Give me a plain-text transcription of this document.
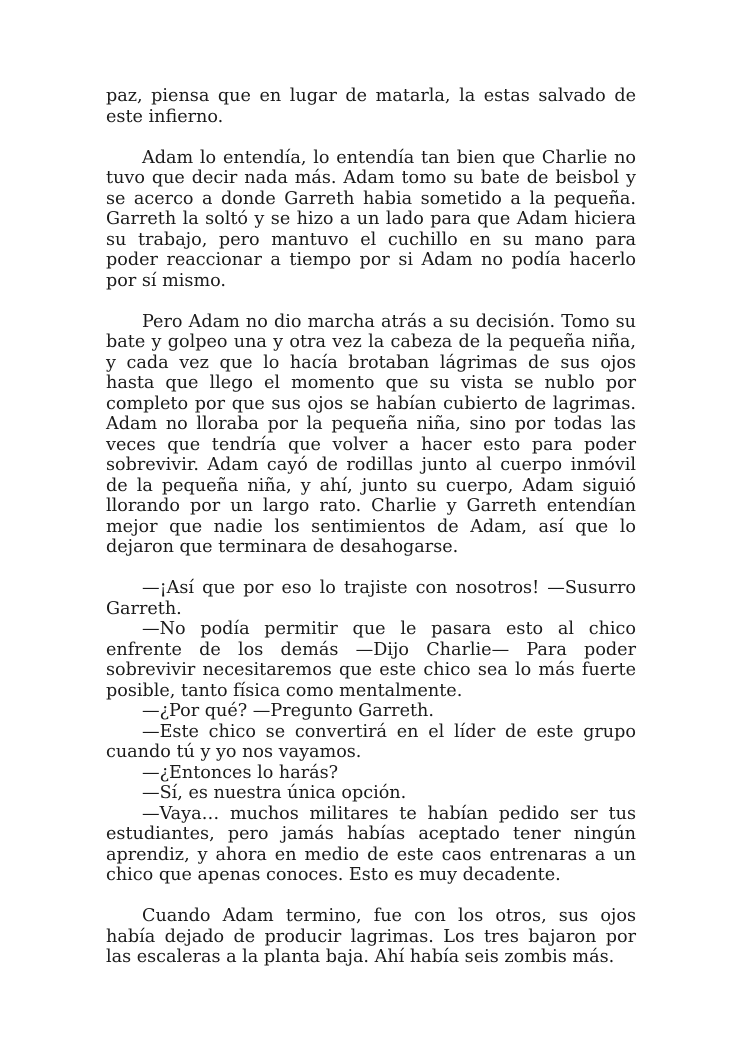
paz, piensa que en lugar de matarla, la estas salvado de este infierno.

Adam lo entendía, lo entendía tan bien que Charlie no tuvo que decir nada más. Adam tomo su bate de beisbol y se acerco a donde Garreth habia sometido a la pequeña. Garreth la soltó y se hizo a un lado para que Adam hiciera su trabajo, pero mantuvo el cuchillo en su mano para poder reaccionar a tiempo por si Adam no podía hacerlo por sí mismo.

Pero Adam no dio marcha atrás a su decisión. Tomo su bate y golpeo una y otra vez la cabeza de la pequeña niña, y cada vez que lo hacía brotaban lágrimas de sus ojos hasta que llego el momento que su vista se nublo por completo por que sus ojos se habían cubierto de lagrimas. Adam no lloraba por la pequeña niña, sino por todas las veces que tendría que volver a hacer esto para poder sobrevivir. Adam cayó de rodillas junto al cuerpo inmóvil de la pequeña niña, y ahí, junto su cuerpo, Adam siguió llorando por un largo rato. Charlie y Garreth entendían mejor que nadie los sentimientos de Adam, así que lo dejaron que terminara de desahogarse.

—¡Así que por eso lo trajiste con nosotros! —Susurro Garreth.

—No podía permitir que le pasara esto al chico enfrente de los demás —Dijo Charlie— Para poder sobrevivir necesitaremos que este chico sea lo más fuerte posible, tanto física como mentalmente.

—¿Por qué? —Pregunto Garreth.

—Este chico se convertirá en el líder de este grupo cuando tú y yo nos vayamos.

—¿Entonces lo harás?

—Sí, es nuestra única opción.

—Vaya… muchos militares te habían pedido ser tus estudiantes, pero jamás habías aceptado tener ningún aprendiz, y ahora en medio de este caos entrenaras a un chico que apenas conoces. Esto es muy decadente.

Cuando Adam termino, fue con los otros, sus ojos había dejado de producir lagrimas. Los tres bajaron por las escaleras a la planta baja. Ahí había seis zombis más.
